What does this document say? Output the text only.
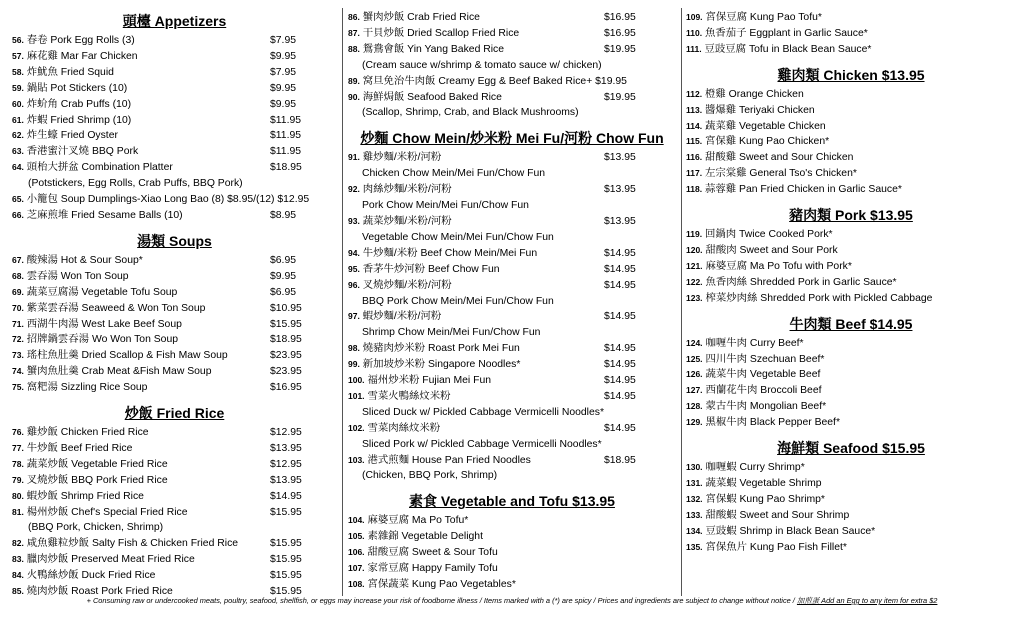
頭檯 Appetizers
56. 春卷 Pork Egg Rolls (3)	$7.95
57. 麻花雞 Mar Far Chicken	$9.95
58. 炸魷魚 Fried Squid	$7.95
59. 鍋貼 Pot Stickers (10)	$9.95
60. 炸蚧角 Crab Puffs (10)	$9.95
61. 炸蝦 Fried Shrimp (10)	$11.95
62. 炸生蠔 Fried Oyster	$11.95
63. 香港蜜汁叉燒 BBQ Pork	$11.95
64. 頭枱大拼盆 Combination Platter	$18.95
(Potstickers, Egg Rolls, Crab Puffs, BBQ Pork)
65. 小籠包 Soup Dumplings-Xiao Long Bao (8) $8.95/(12) $12.95
66. 芝麻煎堆 Fried Sesame Balls (10)	$8.95
湯類 Soups
67. 酸辣湯 Hot & Sour Soup*	$6.95
68. 雲吞湯 Won Ton Soup	$9.95
69. 蔬菜豆腐湯 Vegetable Tofu Soup	$6.95
70. 紫菜雲吞湯 Seaweed & Won Ton Soup	$10.95
71. 西湖牛肉湯 West Lake Beef Soup	$15.95
72. 招牌鍋雲吞湯 Wo Won Ton Soup	$18.95
73. 瑤柱魚肚羹 Dried Scallop & Fish Maw Soup	$23.95
74. 蟹肉魚肚羹 Crab Meat &Fish Maw Soup	$23.95
75. 窩粑湯 Sizzling Rice Soup	$16.95
炒飯 Fried Rice
76. 雞炒飯 Chicken Fried Rice	$12.95
77. 牛炒飯 Beef Fried Rice	$13.95
78. 蔬菜炒飯 Vegetable Fried Rice	$12.95
79. 叉燒炒飯 BBQ Pork Fried Rice	$13.95
80. 蝦炒飯 Shrimp Fried Rice	$14.95
81. 楊州炒飯 Chef's Special Fried Rice	$15.95
(BBQ Pork, Chicken, Shrimp)
82. 咸魚雞粒炒飯 Salty Fish & Chicken Fried Rice	$15.95
83. 臘肉炒飯 Preserved Meat Fried Rice	$15.95
84. 火鴨絲炒飯 Duck Fried Rice	$15.95
85. 燒肉炒飯 Roast Pork Fried Rice	$15.95
86. 蟹肉炒飯 Crab Fried Rice	$16.95
87. 干貝炒飯 Dried Scallop Fried Rice	$16.95
88. 鴛鴦會飯 Yin Yang Baked Rice	$19.95
(Cream sauce w/shrimp & tomato sauce w/ chicken)
89. 窝旦免治牛肉飯 Creamy Egg & Beef Baked Rice+ $19.95
90. 海鮮焗飯 Seafood Baked Rice	$19.95
(Scallop, Shrimp, Crab, and Black Mushrooms)
炒麵 Chow Mein/炒米粉 Mei Fu/河粉 Chow Fun
91. 雞炒麵/米粉/河粉	$13.95
Chicken Chow Mein/Mei Fun/Chow Fun
92. 肉絲炒麵/米粉/河粉	$13.95
Pork Chow Mein/Mei Fun/Chow Fun
93. 蔬菜炒麵/米粉/河粉	$13.95
Vegetable Chow Mein/Mei Fun/Chow Fun
94. 牛炒麵/米粉 Beef Chow Mein/Mei Fun	$14.95
95. 香茅牛炒河粉 Beef Chow Fun	$14.95
96. 叉燒炒麵/米粉/河粉	$14.95
BBQ Pork Chow Mein/Mei Fun/Chow Fun
97. 蝦炒麵/米粉/河粉	$14.95
Shrimp Chow Mein/Mei Fun/Chow Fun
98. 燒豬肉炒米粉 Roast Pork Mei Fun	$14.95
99. 新加坡炒米粉 Singapore Noodles*	$14.95
100. 福州炒米粉 Fujian Mei Fun	$14.95
101. 雪菜火鴨絲炆米粉	$14.95
Sliced Duck w/ Pickled Cabbage Vermicelli Noodles*
102. 雪菜肉絲炆米粉	$14.95
Sliced Pork w/ Pickled Cabbage Vermicelli Noodles*
103. 港式煎麵 House Pan Fried Noodles	$18.95
(Chicken, BBQ Pork, Shrimp)
素食 Vegetable and Tofu $13.95
104. 麻婆豆腐 Ma Po Tofu*
105. 素雜錦 Vegetable Delight
106. 甜酸豆腐 Sweet & Sour Tofu
107. 家常豆腐 Happy Family Tofu
108. 宮保蔬菜 Kung Pao Vegetables*
109. 宮保豆腐 Kung Pao Tofu*
110. 魚香茄子 Eggplant in Garlic Sauce*
111. 豆豉豆腐 Tofu in Black Bean Sauce*
雞肉類 Chicken $13.95
112. 橙雞 Orange Chicken
113. 醬爆雞 Teriyaki Chicken
114. 蔬菜雞 Vegetable Chicken
115. 宮保雞 Kung Pao Chicken*
116. 甜酸雞 Sweet and Sour Chicken
117. 左宗棠雞 General Tso's Chicken*
118. 蒜蓉雞 Pan Fried Chicken in Garlic Sauce*
豬肉類 Pork $13.95
119. 回鍋肉 Twice Cooked Pork*
120. 甜酸肉 Sweet and Sour Pork
121. 麻婆豆腐 Ma Po Tofu with Pork*
122. 魚香肉絲 Shredded Pork in Garlic Sauce*
123. 榨菜炒肉絲 Shredded Pork with Pickled Cabbage
牛肉類 Beef $14.95
124. 咖喱牛肉 Curry Beef*
125. 四川牛肉 Szechuan Beef*
126. 蔬菜牛肉 Vegetable Beef
127. 西蘭花牛肉 Broccoli Beef
128. 蒙古牛肉 Mongolian Beef*
129. 黑椒牛肉 Black Pepper Beef*
海鮮類 Seafood $15.95
130. 咖喱蝦 Curry Shrimp*
131. 蔬菜蝦 Vegetable Shrimp
132. 宮保蝦 Kung Pao Shrimp*
133. 甜酸蝦 Sweet and Sour Shrimp
134. 豆豉蝦 Shrimp in Black Bean Sauce*
135. 宮保魚片 Kung Pao Fish Fillet*
+ Consuming raw or undercooked meats, poultry, seafood, shellfish, or eggs may increase your risk of foodborne illness / Items marked with a (*) are spicy / Prices and ingredients are subject to change without notice / 加煎蛋 Add an Egg to any item for extra $2
